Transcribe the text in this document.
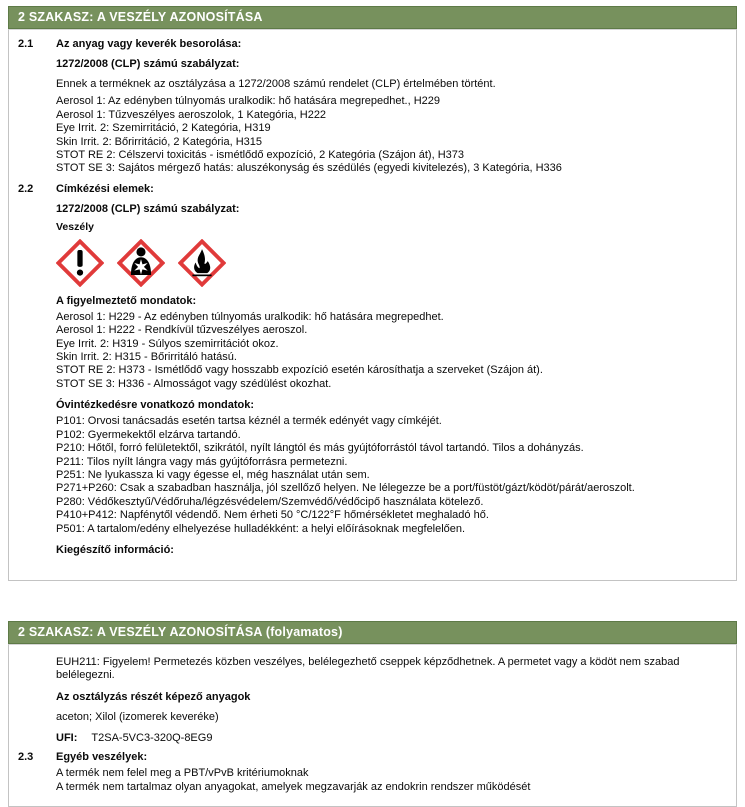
2 SZAKASZ: A VESZÉLY AZONOSÍTÁSA
2.1	Az anyag vagy keverék besorolása:
1272/2008 (CLP) számú szabályzat:
Ennek a terméknek az osztályzása a 1272/2008 számú rendelet (CLP) értelmében történt.
Aerosol 1: Az edényben túlnyomás uralkodik: hő hatására megrepedhet., H229
Aerosol 1: Tűzveszélyes aeroszolok, 1 Kategória, H222
Eye Irrit. 2: Szemirritáció, 2 Kategória, H319
Skin Irrit. 2: Bőrirritáció, 2 Kategória, H315
STOT RE 2: Célszervi toxicitás - ismétlődő expozíció, 2 Kategória (Szájon át), H373
STOT SE 3: Sajátos mérgező hatás: aluszékonyság és szédülés (egyedi kivitelezés), 3 Kategória, H336
2.2	Címkézési elemek:
1272/2008 (CLP) számú szabályzat:
Veszély
A figyelmeztető mondatok:
Aerosol 1: H229 - Az edényben túlnyomás uralkodik: hő hatására megrepedhet.
Aerosol 1: H222 - Rendkívül tűzveszélyes aeroszol.
Eye Irrit. 2: H319 - Súlyos szemirritációt okoz.
Skin Irrit. 2: H315 - Bőrirritáló hatású.
STOT RE 2: H373 - Ismétlődő vagy hosszabb expozíció esetén károsíthatja a szerveket (Szájon át).
STOT SE 3: H336 - Almosságot vagy szédülést okozhat.
Óvintézkedésre vonatkozó mondatok:
P101: Orvosi tanácsadás esetén tartsa kéznél a termék edényét vagy címkéjét.
P102: Gyermekektől elzárva tartandó.
P210: Hőtől, forró felületektől, szikrától, nyílt lángtól és más gyújtóforrástól távol tartandó. Tilos a dohányzás.
P211: Tilos nyílt lángra vagy más gyújtóforrásra permetezni.
P251: Ne lyukassza ki vagy égesse el, még használat után sem.
P271+P260: Csak a szabadban használja, jól szellőző helyen. Ne lélegezze be a port/füstöt/gázt/ködöt/párát/aeroszolt.
P280: Védőkesztyű/Védőruha/légzésvédelem/Szemvédő/védőcipő használata kötelező.
P410+P412: Napfénytől védendő. Nem érheti 50 °C/122°F hőmérsékletet meghaladó hő.
P501: A tartalom/edény elhelyezése hulladékként: a helyi előírásoknak megfelelően.
Kiegészítő információ:
2 SZAKASZ: A VESZÉLY AZONOSÍTÁSA (folyamatos)
EUH211: Figyelem! Permetezés közben veszélyes, belélegezhető cseppek képződhetnek. A permetet vagy a ködöt nem szabad belélegezni.
Az osztályzás részét képező anyagok
aceton; Xilol (izomerek keveréke)
UFI: T2SA-5VC3-320Q-8EG9
2.3	Egyéb veszélyek:
A termék nem felel meg a PBT/vPvB kritériumoknak
A termék nem tartalmaz olyan anyagokat, amelyek megzavarják az endokrin rendszer működését
